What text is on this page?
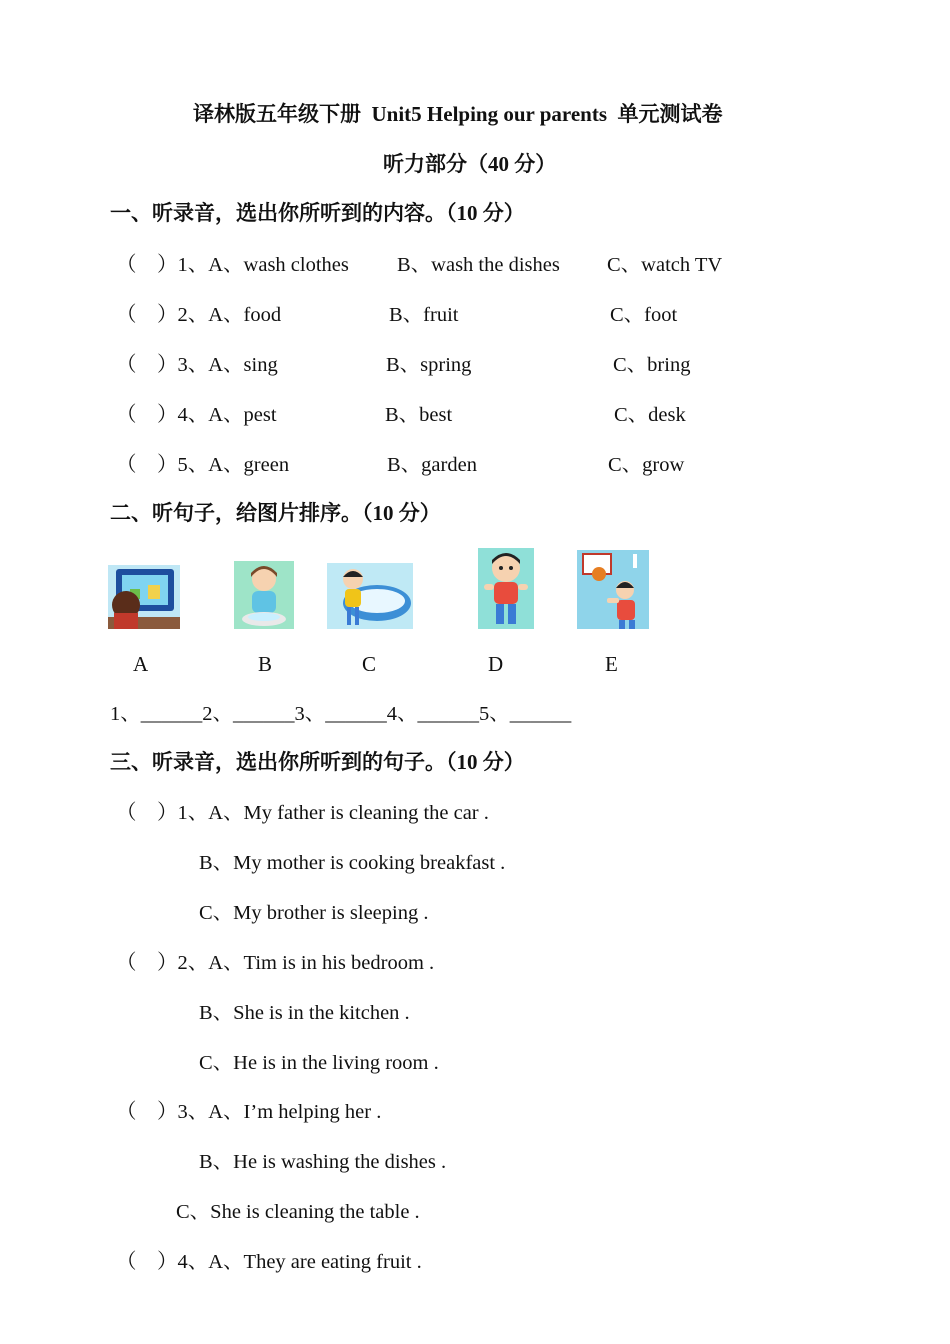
译林版五年级下册  Unit5 Helping our parents  单元测试卷
听力部分（40 分）
一、听录音，选出你所听到的内容。（10 分）
（    ）1、A、wash clothes B、wash the dishes C、watch TV
（    ）2、A、food	B、fruit	C、foot
（    ）3、A、sing	B、spring	C、bring
（    ）4、A、pest	B、best	C、desk
（    ）5、A、green	B、garden	C、grow
二、听句子，给图片排序。（10 分）
A	B	C	D	E
1、______2、______3、______4、______5、______
三、听录音，选出你所听到的句子。（10 分）
（    ）1、A、My father is cleaning the car .
B、My mother is cooking breakfast .
C、My brother is sleeping .
（    ）2、A、Tim is in his bedroom .
B、She is in the kitchen .
C、He is in the living room .
（    ）3、A、I’m helping her .
B、He is washing the dishes .
C、She is cleaning the table .
（    ）4、A、They are eating fruit .
